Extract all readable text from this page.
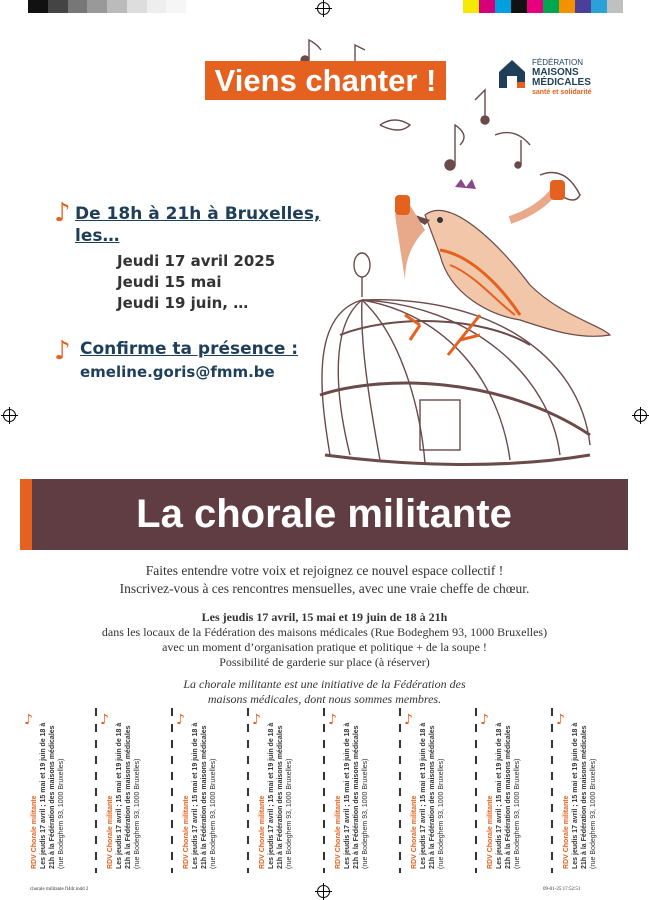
Viens chanter !	FÉDÉRATION
MAISONS
MÉDICALES
santé et solidarité
♪ De 18h à 21h à Bruxelles,
les…
Jeudi 17 avril 2025
Jeudi 15 mai
Jeudi 19 juin, …
♪ Confirme ta présence :
emeline.goris@fmm.be
La chorale militante
Faites entendre votre voix et rejoignez ce nouvel espace collectif !
Inscrivez-vous à ces rencontres mensuelles, avec une vraie cheffe de chœur.
Les jeudis 17 avril, 15 mai et 19 juin de 18 à 21h
dans les locaux de la Fédération des maisons médicales (Rue Bodeghem 93, 1000 Bruxelles)
avec un moment d’organisation pratique et politique + de la soupe !
Possibilité de garderie sur place (à réserver)
La chorale militante est une initiative de la Fédération des
maisons médicales, dont nous sommes membres.
♪
RDV Chorale militante Les jeudis 17 avril ; 15 mai et 19 juin de 18 à 21h à la Fédération des maisons médicales (rue Bodeghem 93, 1000 Bruxelles)
♪
RDV Chorale militante Les jeudis 17 avril ; 15 mai et 19 juin de 18 à 21h à la Fédération des maisons médicales (rue Bodeghem 93, 1000 Bruxelles)
♪
RDV Chorale militante Les jeudis 17 avril ; 15 mai et 19 juin de 18 à 21h à la Fédération des maisons médicales (rue Bodeghem 93, 1000 Bruxelles)
♪
RDV Chorale militante Les jeudis 17 avril ; 15 mai et 19 juin de 18 à 21h à la Fédération des maisons médicales (rue Bodeghem 93, 1000 Bruxelles)
♪
RDV Chorale militante Les jeudis 17 avril ; 15 mai et 19 juin de 18 à 21h à la Fédération des maisons médicales (rue Bodeghem 93, 1000 Bruxelles)
♪
RDV Chorale militante Les jeudis 17 avril ; 15 mai et 19 juin de 18 à 21h à la Fédération des maisons médicales (rue Bodeghem 93, 1000 Bruxelles)
♪
RDV Chorale militante Les jeudis 17 avril ; 15 mai et 19 juin de 18 à 21h à la Fédération des maisons médicales (rue Bodeghem 93, 1000 Bruxelles)
♪
RDV Chorale militante Les jeudis 17 avril ; 15 mai et 19 juin de 18 à 21h à la Fédération des maisons médicales (rue Bodeghem 93, 1000 Bruxelles)
chorale militante fl4dr.indd 2	09-01-25 17:52:51
